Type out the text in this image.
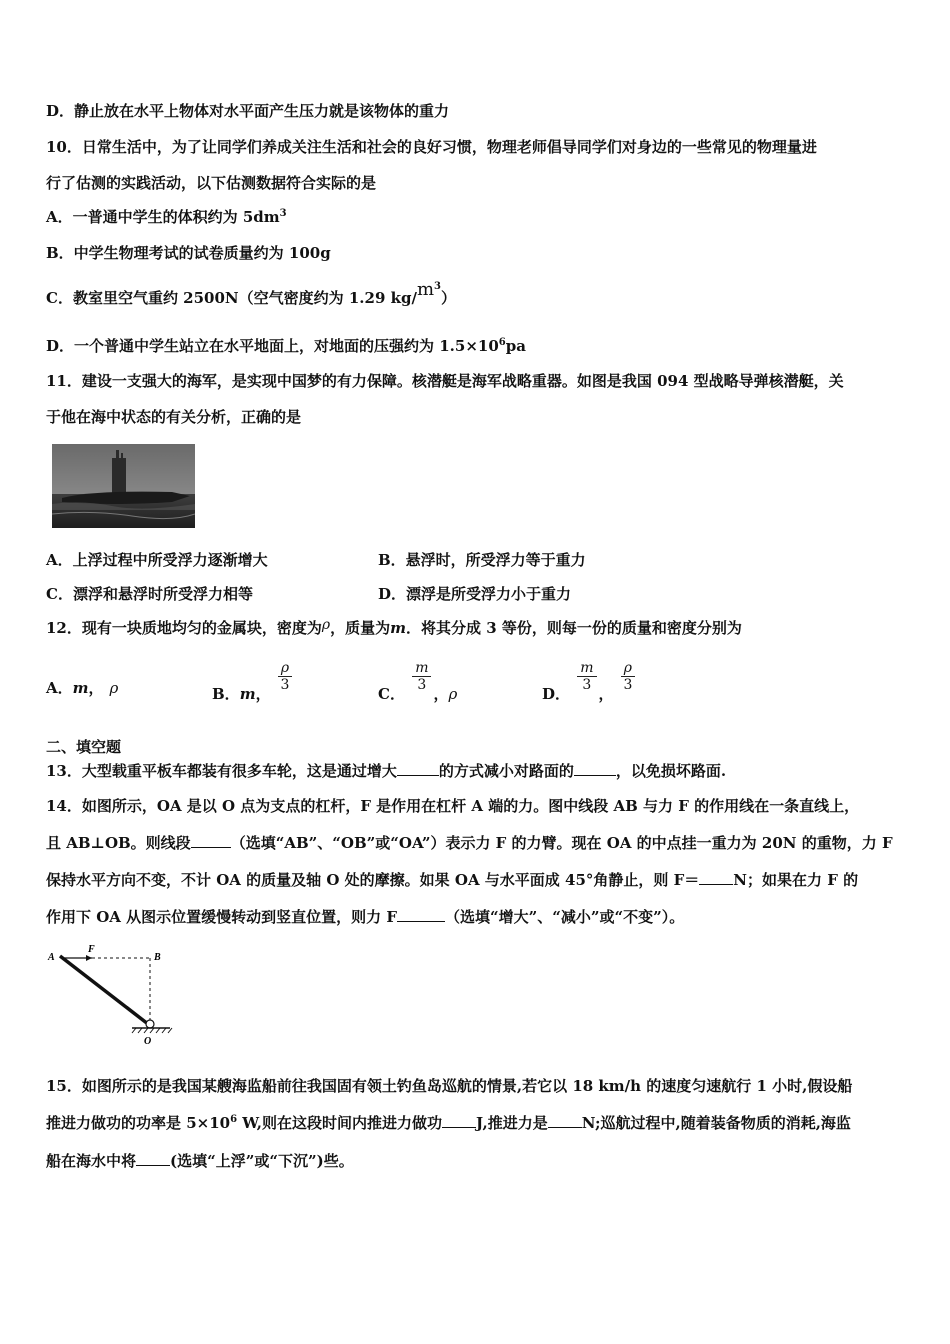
D．静止放在水平上物体对水平面产生压力就是该物体的重力
10．日常生活中，为了让同学们养成关注生活和社会的良好习惯，物理老师倡导同学们对身边的一些常见的物理量进
行了估测的实践活动，以下估测数据符合实际的是
A．一普通中学生的体积约为 $5dm^3$
B．中学生物理考试的试卷质量约为 100g
C．教室里空气重约 2500N（空气密度约为 1.29 $kg/m^3$）
D．一个普通中学生站立在水平地面上，对地面的压强约为 $1.5\times 10^6pa$
11．建设一支强大的海军，是实现中国梦的有力保障。核潜艇是海军战略重器。如图是我国 094 型战略导弹核潜艇，关
于他在海中状态的有关分析，正确的是
A．上浮过程中所受浮力逐渐增大	B．悬浮时，所受浮力等于重力
C．漂浮和悬浮时所受浮力相等	D．漂浮是所受浮力小于重力
12．现有一块质地均匀的金属块，密度为ρ，质量为m．将其分成 3 等份，则每一份的质量和密度分别为
A．m， ρ	B．m，
$\frac{\rho}{3}$
C．
$\frac{m}{3}$
，ρ	D．
$\frac{m}{3}$
，
$\frac{\rho}{3}$
二、填空题
13．大型载重平板车都装有很多车轮，这是通过增大	的方式减小对路面的	，以免损坏路面.
14．如图所示，OA 是以 O 点为支点的杠杆，F 是作用在杠杆 A 端的力。图中线段 AB 与力 F 的作用线在一条直线上，
且 AB⊥OB。则线段	（选填“AB”、“OB”或“OA”）表示力 F 的力臂。现在 OA 的中点挂一重力为 20N 的重物，力 F
保持水平方向不变，不计 OA 的质量及轴 O 处的摩擦。如果 OA 与水平面成 45°角静止，则 F＝ N；如果在力 F 的
作用下 OA 从图示位置缓慢转动到竖直位置，则力 F	（选填“增大”、“减小”或“不变”）。
A
F
B
O
15．如图所示的是我国某艘海监船前往我国固有领土钓鱼岛巡航的情景,若它以 18 km/h 的速度匀速航行 1 小时,假设船
推进力做功的功率是 $5\times 10^6$ W,则在这段时间内推进力做功 J,推进力是 N;巡航过程中,随着装备物质的消耗,海监
船在海水中将 (选填“上浮”或“下沉”)些。
